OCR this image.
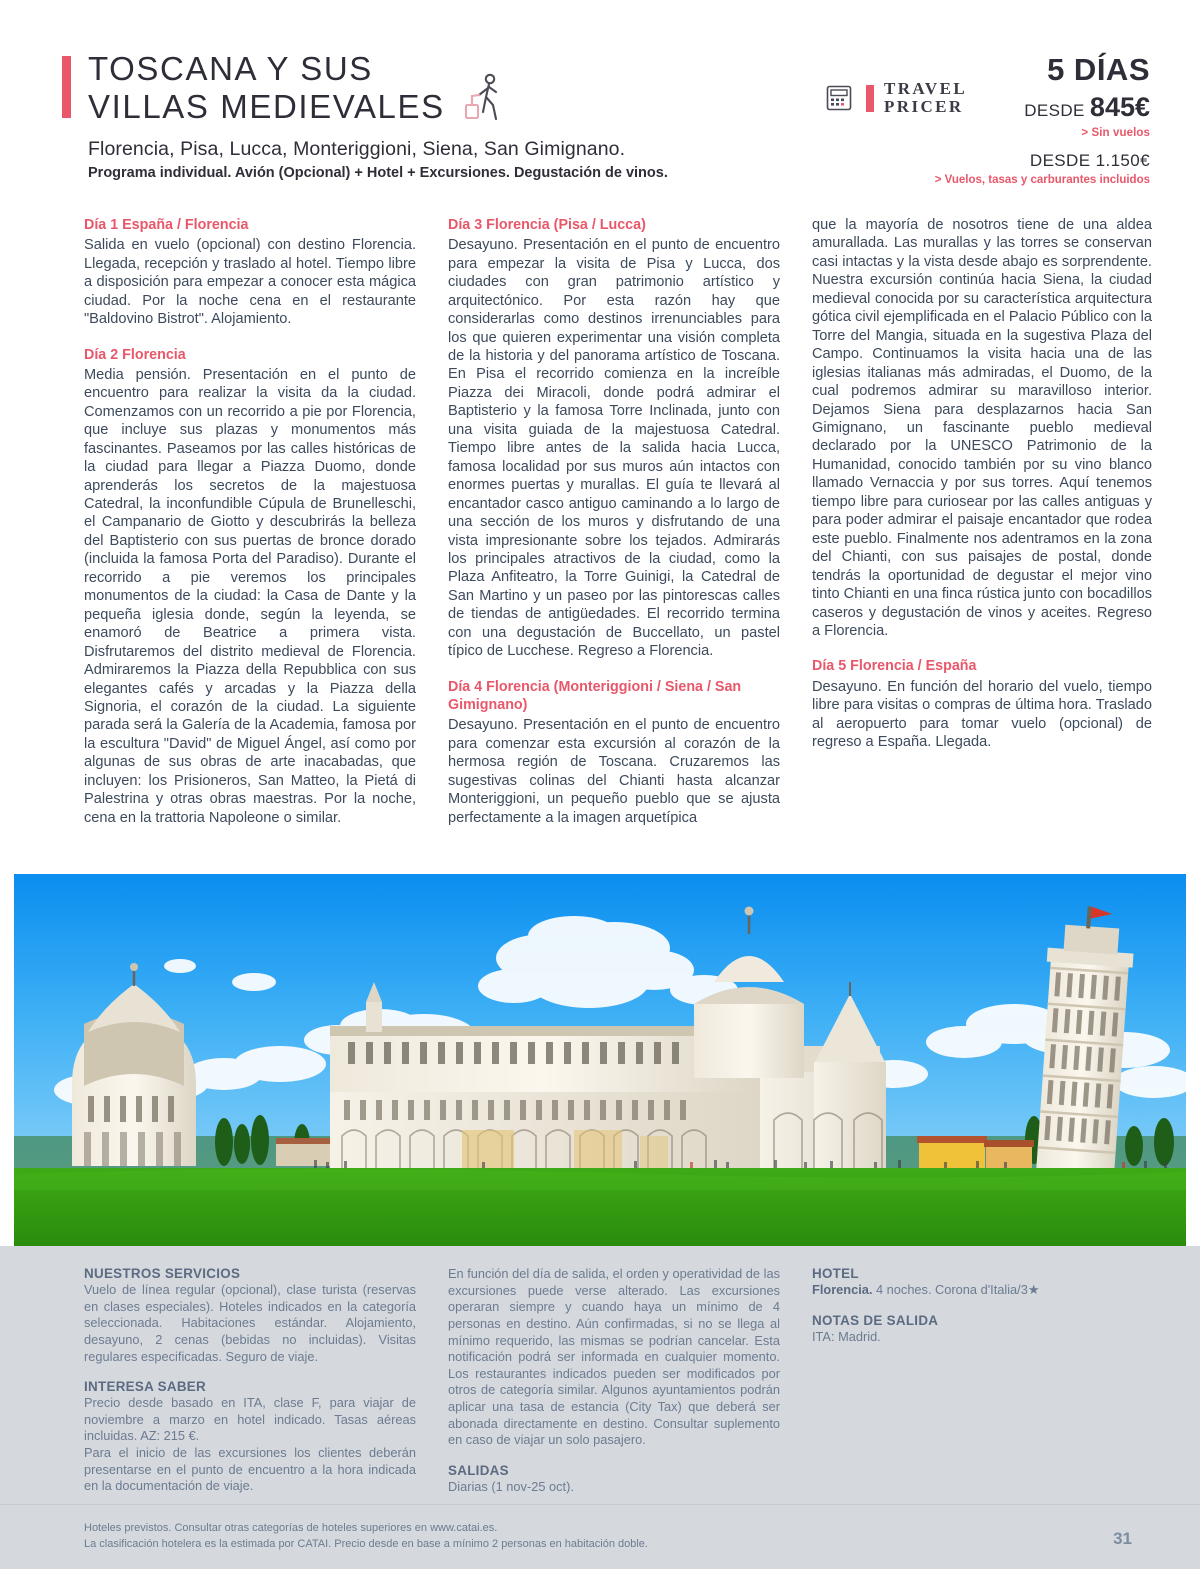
TOSCANA Y SUS
VILLAS MEDIEVALES
Florencia, Pisa, Lucca, Monteriggioni, Siena, San Gimignano.
Programa individual. Avión (Opcional) + Hotel + Excursiones. Degustación de vinos.
TRAVEL
PRICER
5 DÍAS
DESDE 845€
> Sin vuelos
DESDE 1.150€
> Vuelos, tasas y carburantes incluidos
Día 1 España / Florencia
Salida en vuelo (opcional) con destino Florencia. Llegada, recepción y traslado al hotel. Tiempo libre a disposición para empezar a conocer esta mágica ciudad. Por la noche cena en el restaurante "Baldovino Bistrot". Alojamiento.
Día 2 Florencia
Media pensión. Presentación en el punto de encuentro para realizar la visita da la ciudad. Comenzamos con un recorrido a pie por Florencia, que incluye sus plazas y monumentos más fascinantes. Paseamos por las calles históricas de la ciudad para llegar a Piazza Duomo, donde aprenderás los secretos de la majestuosa Catedral, la inconfundible Cúpula de Brunelleschi, el Campanario de Giotto y descubrirás la belleza del Baptisterio con sus puertas de bronce dorado (incluida la famosa Porta del Paradiso). Durante el recorrido a pie veremos los principales monumentos de la ciudad: la Casa de Dante y la pequeña iglesia donde, según la leyenda, se enamoró de Beatrice a primera vista. Disfrutaremos del distrito medieval de Florencia. Admiraremos la Piazza della Repubblica con sus elegantes cafés y arcadas y la Piazza della Signoria, el corazón de la ciudad. La siguiente parada será la Galería de la Academia, famosa por la escultura "David" de Miguel Ángel, así como por algunas de sus obras de arte inacabadas, que incluyen: los Prisioneros, San Matteo, la Pietá di Palestrina y otras obras maestras. Por la noche, cena en la trattoria Napoleone o similar.
Día 3 Florencia (Pisa / Lucca)
Desayuno. Presentación en el punto de encuentro para empezar la visita de Pisa y Lucca, dos ciudades con gran patrimonio artístico y arquitectónico. Por esta razón hay que considerarlas como destinos irrenunciables para los que quieren experimentar una visión completa de la historia y del panorama artístico de Toscana. En Pisa el recorrido comienza en la increíble Piazza dei Miracoli, donde podrá admirar el Baptisterio y la famosa Torre Inclinada, junto con una visita guiada de la majestuosa Catedral. Tiempo libre antes de la salida hacia Lucca, famosa localidad por sus muros aún intactos con enormes puertas y murallas. El guía te llevará al encantador casco antiguo caminando a lo largo de una sección de los muros y disfrutando de una vista impresionante sobre los tejados. Admirarás los principales atractivos de la ciudad, como la Plaza Anfiteatro, la Torre Guinigi, la Catedral de San Martino y un paseo por las pintorescas calles de tiendas de antigüedades. El recorrido termina con una degustación de Buccellato, un pastel típico de Lucchese. Regreso a Florencia.
Día 4 Florencia (Monteriggioni / Siena / San Gimignano)
Desayuno. Presentación en el punto de encuentro para comenzar esta excursión al corazón de la hermosa región de Toscana. Cruzaremos las sugestivas colinas del Chianti hasta alcanzar Monteriggioni, un pequeño pueblo que se ajusta perfectamente a la imagen arquetípica
que la mayoría de nosotros tiene de una aldea amurallada. Las murallas y las torres se conservan casi intactas y la vista desde abajo es sorprendente. Nuestra excursión continúa hacia Siena, la ciudad medieval conocida por su característica arquitectura gótica civil ejemplificada en el Palacio Público con la Torre del Mangia, situada en la sugestiva Plaza del Campo. Continuamos la visita hacia una de las iglesias italianas más admiradas, el Duomo, de la cual podremos admirar su maravilloso interior. Dejamos Siena para desplazarnos hacia San Gimignano, un fascinante pueblo medieval declarado por la UNESCO Patrimonio de la Humanidad, conocido también por su vino blanco llamado Vernaccia y por sus torres. Aquí tenemos tiempo libre para curiosear por las calles antiguas y para poder admirar el paisaje encantador que rodea este pueblo. Finalmente nos adentramos en la zona del Chianti, con sus paisajes de postal, donde tendrás la oportunidad de degustar el mejor vino tinto Chianti en una finca rústica junto con bocadillos caseros y degustación de vinos y aceites. Regreso a Florencia.
Día 5 Florencia / España
Desayuno. En función del horario del vuelo, tiempo libre para visitas o compras de última hora. Traslado al aeropuerto para tomar vuelo (opcional) de regreso a España. Llegada.
NUESTROS SERVICIOS
Vuelo de línea regular (opcional), clase turista (reservas en clases especiales). Hoteles indicados en la categoría seleccionada. Habitaciones estándar. Alojamiento, desayuno, 2 cenas (bebidas no incluidas). Visitas regulares especificadas. Seguro de viaje.
INTERESA SABER
Precio desde basado en ITA, clase F, para viajar de noviembre a marzo en hotel indicado. Tasas aéreas incluidas. AZ: 215 €.
Para el inicio de las excursiones los clientes deberán presentarse en el punto de encuentro a la hora indicada en la documentación de viaje.
En función del día de salida, el orden y operatividad de las excursiones puede verse alterado. Las excursiones operaran siempre y cuando haya un mínimo de 4 personas en destino. Aún confirmadas, si no se llega al mínimo requerido, las mismas se podrían cancelar. Esta notificación podrá ser informada en cualquier momento. Los restaurantes indicados pueden ser modificados por otros de categoría similar. Algunos ayuntamientos podrán aplicar una tasa de estancia (City Tax) que deberá ser abonada directamente en destino. Consultar suplemento en caso de viajar un solo pasajero.
SALIDAS
Diarias (1 nov-25 oct).
HOTEL
Florencia. 4 noches. Corona d'Italia/3★
NOTAS DE SALIDA
ITA: Madrid.
Hoteles previstos. Consultar otras categorías de hoteles superiores en www.catai.es.
La clasificación hotelera es la estimada por CATAI. Precio desde en base a mínimo 2 personas en habitación doble.	31
